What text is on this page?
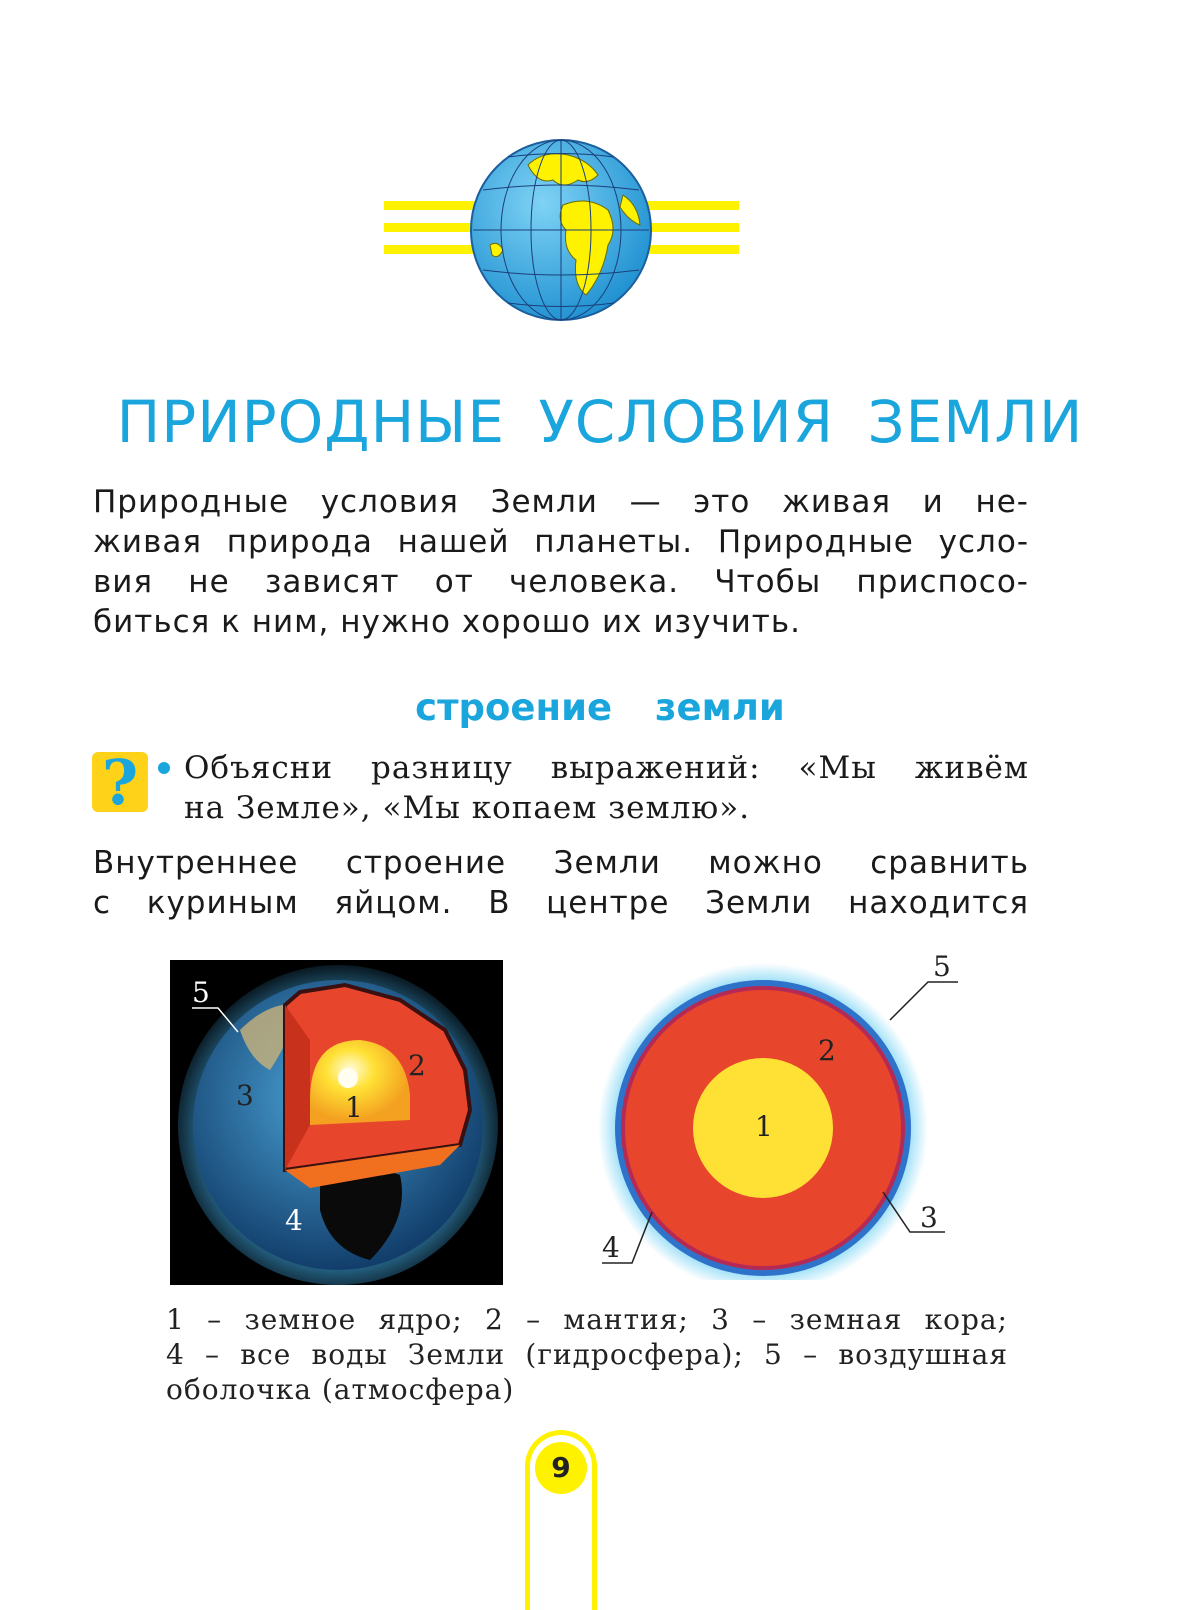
ПРИРОДНЫЕ УСЛОВИЯ ЗЕМЛИ
Природные условия Земли — это живая и не-
живая природа нашей планеты. Природные усло-
вия не зависят от человека. Чтобы приспосо-
биться к ним, нужно хорошо их изучить.
строение земли
?	Объясни разницу выражений: «Мы живём
на Земле», «Мы копаем землю».
Внутреннее строение Земли можно сравнить
с куриным яйцом. В центре Земли находится
5
2
3	1
4
5
2
1
3
4
1 – земное ядро; 2 – мантия; 3 – земная кора;
4 – все воды Земли (гидросфера); 5 – воздушная
оболочка (атмосфера)
9
